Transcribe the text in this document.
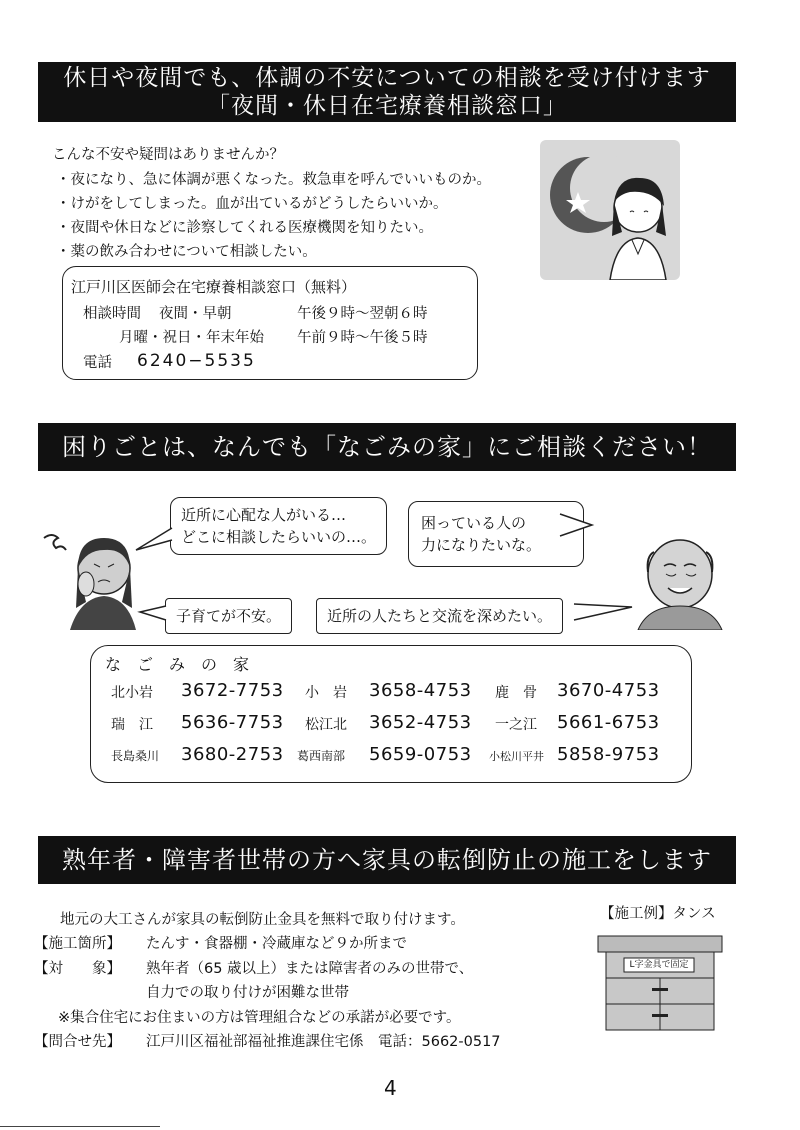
休日や夜間でも、体調の不安についての相談を受け付けます
「夜間・休日在宅療養相談窓口」
こんな不安や疑問はありませんか？
・夜になり、急に体調が悪くなった。救急車を呼んでいいものか。
・けがをしてしまった。血が出ているがどうしたらいいか。
・夜間や休日などに診察してくれる医療機関を知りたい。
・薬の飲み合わせについて相談したい。
江戸川区医師会在宅療養相談窓口（無料）
相談時間 夜間・早朝	午後９時～翌朝６時
月曜・祝日・年末年始 午前９時～午後５時
電話 6240−5535
困りごとは、なんでも「なごみの家」にご相談ください！
近所に心配な人がいる…
どこに相談したらいいの…。
困っている人の
力になりたいな。
子育てが不安。	近所の人たちと交流を深めたい。
な　ご　み　の　家
北小岩 3672-7753 小　岩 3658-4753 鹿　骨 3670-4753
瑞　江 5636-7753 松江北 3652-4753 一之江 5661-6753
長島桑川 3680-2753 葛西南部 5659-0753 小松川平井 5858-9753
熟年者・障害者世帯の方へ家具の転倒防止の施工をします
地元の大工さんが家具の転倒防止金具を無料で取り付けます。
【施工箇所】 たんす・食器棚・冷蔵庫など９か所まで
【対　　象】 熟年者（65 歳以上）または障害者のみの世帯で、
自力での取り付けが困難な世帯
※集合住宅にお住まいの方は管理組合などの承諾が必要です。
【問合せ先】 江戸川区福祉部福祉推進課住宅係　電話：5662-0517
【施工例】タンス
L字金具で固定
4
